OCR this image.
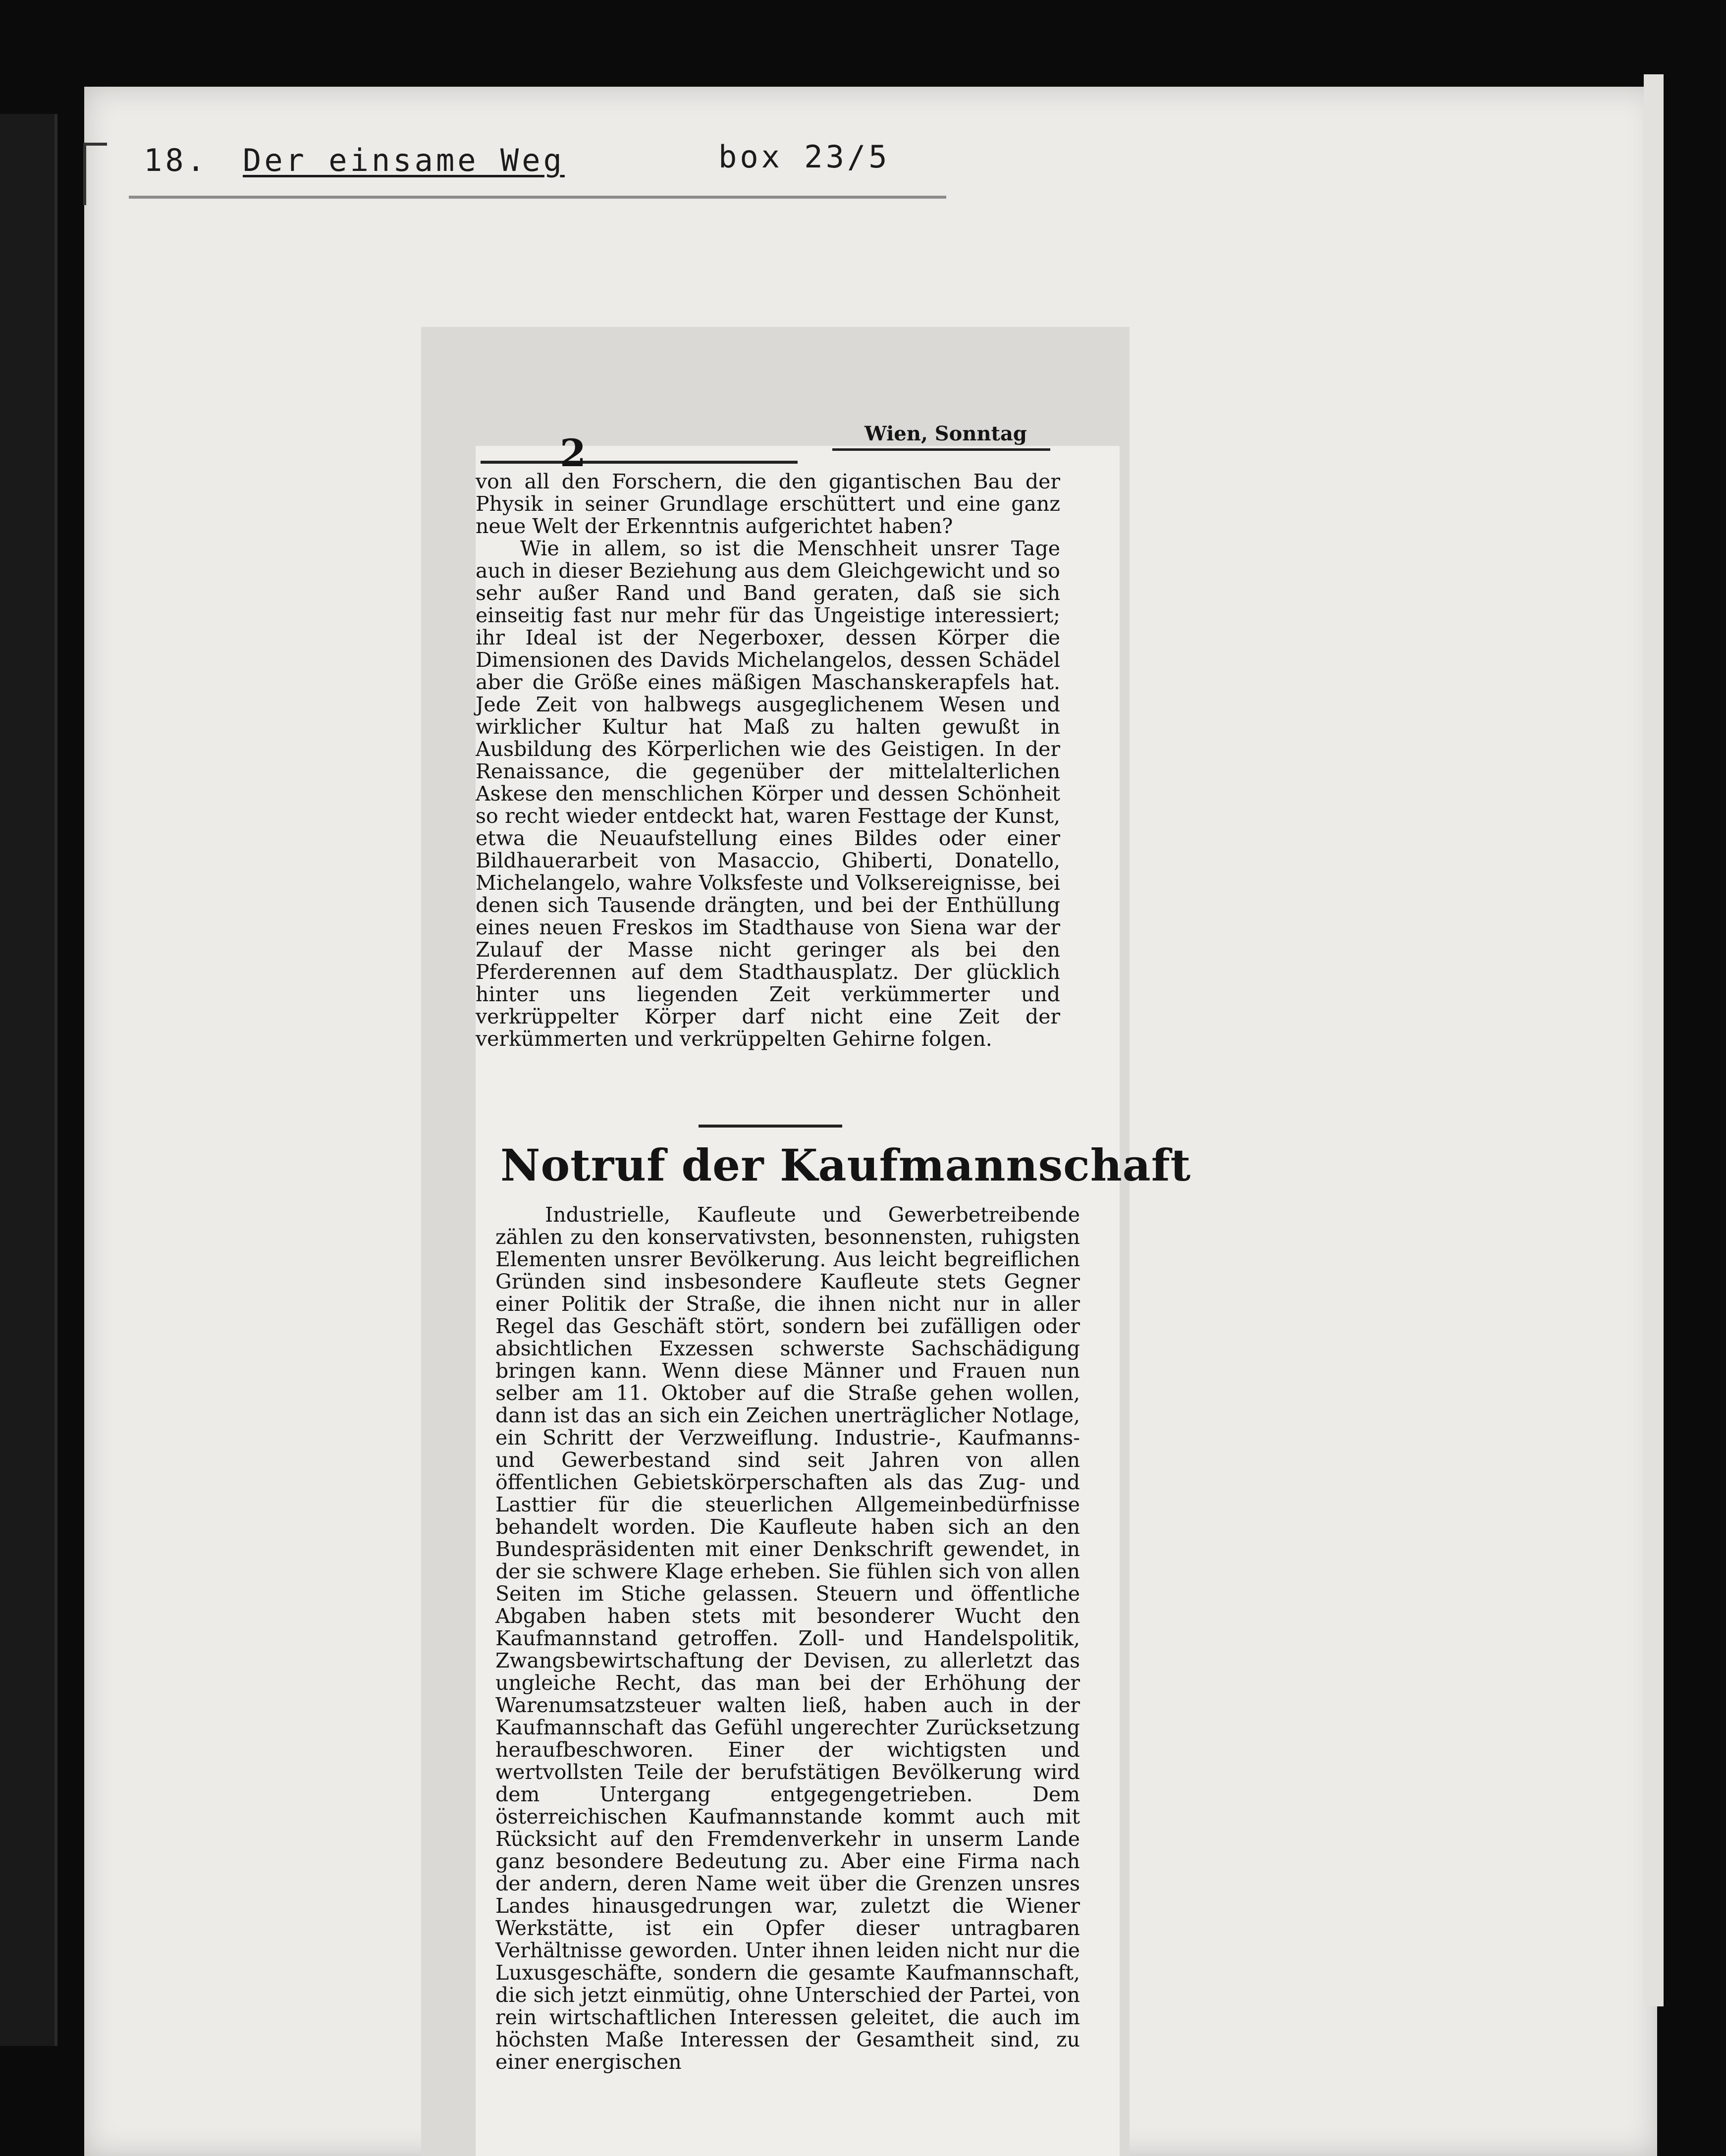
18. Der einsame Weg	box 23/5
2	Wien, Sonntag

von all den Forschern, die den gigantischen Bau der Physik in seiner Grundlage erschüttert und eine ganz neue Welt der Erkenntnis aufgerichtet haben?

Wie in allem, so ist die Menschheit unsrer Tage auch in dieser Beziehung aus dem Gleichgewicht und so sehr außer Rand und Band geraten, daß sie sich einseitig fast nur mehr für das Ungeistige interessiert; ihr Ideal ist der Negerboxer, dessen Körper die Dimensionen des Davids Michelangelos, dessen Schädel aber die Größe eines mäßigen Maschanskerapfels hat. Jede Zeit von halbwegs ausgeglichenem Wesen und wirklicher Kultur hat Maß zu halten gewußt in Ausbildung des Körperlichen wie des Geistigen. In der Renaissance, die gegenüber der mittelalterlichen Askese den menschlichen Körper und dessen Schönheit so recht wieder entdeckt hat, waren Festtage der Kunst, etwa die Neuaufstellung eines Bildes oder einer Bildhauerarbeit von Masaccio, Ghiberti, Donatello, Michelangelo, wahre Volksfeste und Volksereignisse, bei denen sich Tausende drängten, und bei der Enthüllung eines neuen Freskos im Stadthause von Siena war der Zulauf der Masse nicht geringer als bei den Pferderennen auf dem Stadthausplatz. Der glücklich hinter uns liegenden Zeit verkümmerter und verkrüppelter Körper darf nicht eine Zeit der verkümmerten und verkrüppelten Gehirne folgen.

Notruf der Kaufmannschaft

Industrielle, Kaufleute und Gewerbetreibende zählen zu den konservativsten, besonnensten, ruhigsten Elementen unsrer Bevölkerung. Aus leicht begreiflichen Gründen sind insbesondere Kaufleute stets Gegner einer Politik der Straße, die ihnen nicht nur in aller Regel das Geschäft stört, sondern bei zufälligen oder absichtlichen Exzessen schwerste Sachschädigung bringen kann. Wenn diese Männer und Frauen nun selber am 11. Oktober auf die Straße gehen wollen, dann ist das an sich ein Zeichen unerträglicher Notlage, ein Schritt der Verzweiflung. Industrie-, Kaufmanns- und Gewerbestand sind seit Jahren von allen öffentlichen Gebietskörperschaften als das Zug- und Lasttier für die steuerlichen Allgemeinbedürfnisse behandelt worden. Die Kaufleute haben sich an den Bundespräsidenten mit einer Denkschrift gewendet, in der sie schwere Klage erheben. Sie fühlen sich von allen Seiten im Stiche gelassen. Steuern und öffentliche Abgaben haben stets mit besonderer Wucht den Kaufmannstand getroffen. Zoll- und Handelspolitik, Zwangsbewirtschaftung der Devisen, zu allerletzt das ungleiche Recht, das man bei der Erhöhung der Warenumsatzsteuer walten ließ, haben auch in der Kaufmannschaft das Gefühl ungerechter Zurücksetzung heraufbeschworen. Einer der wichtigsten und wertvollsten Teile der berufstätigen Bevölkerung wird dem Untergang entgegengetrieben. Dem österreichischen Kaufmannstande kommt auch mit Rücksicht auf den Fremdenverkehr in unserm Lande ganz besondere Bedeutung zu. Aber eine Firma nach der andern, deren Name weit über die Grenzen unsres Landes hinausgedrungen war, zuletzt die Wiener Werkstätte, ist ein Opfer dieser untragbaren Verhältnisse geworden. Unter ihnen leiden nicht nur die Luxusgeschäfte, sondern die gesamte Kaufmannschaft, die sich jetzt einmütig, ohne Unterschied der Partei, von rein wirtschaftlichen Interessen geleitet, die auch im höchsten Maße Interessen der Gesamtheit sind, zu einer energischen
